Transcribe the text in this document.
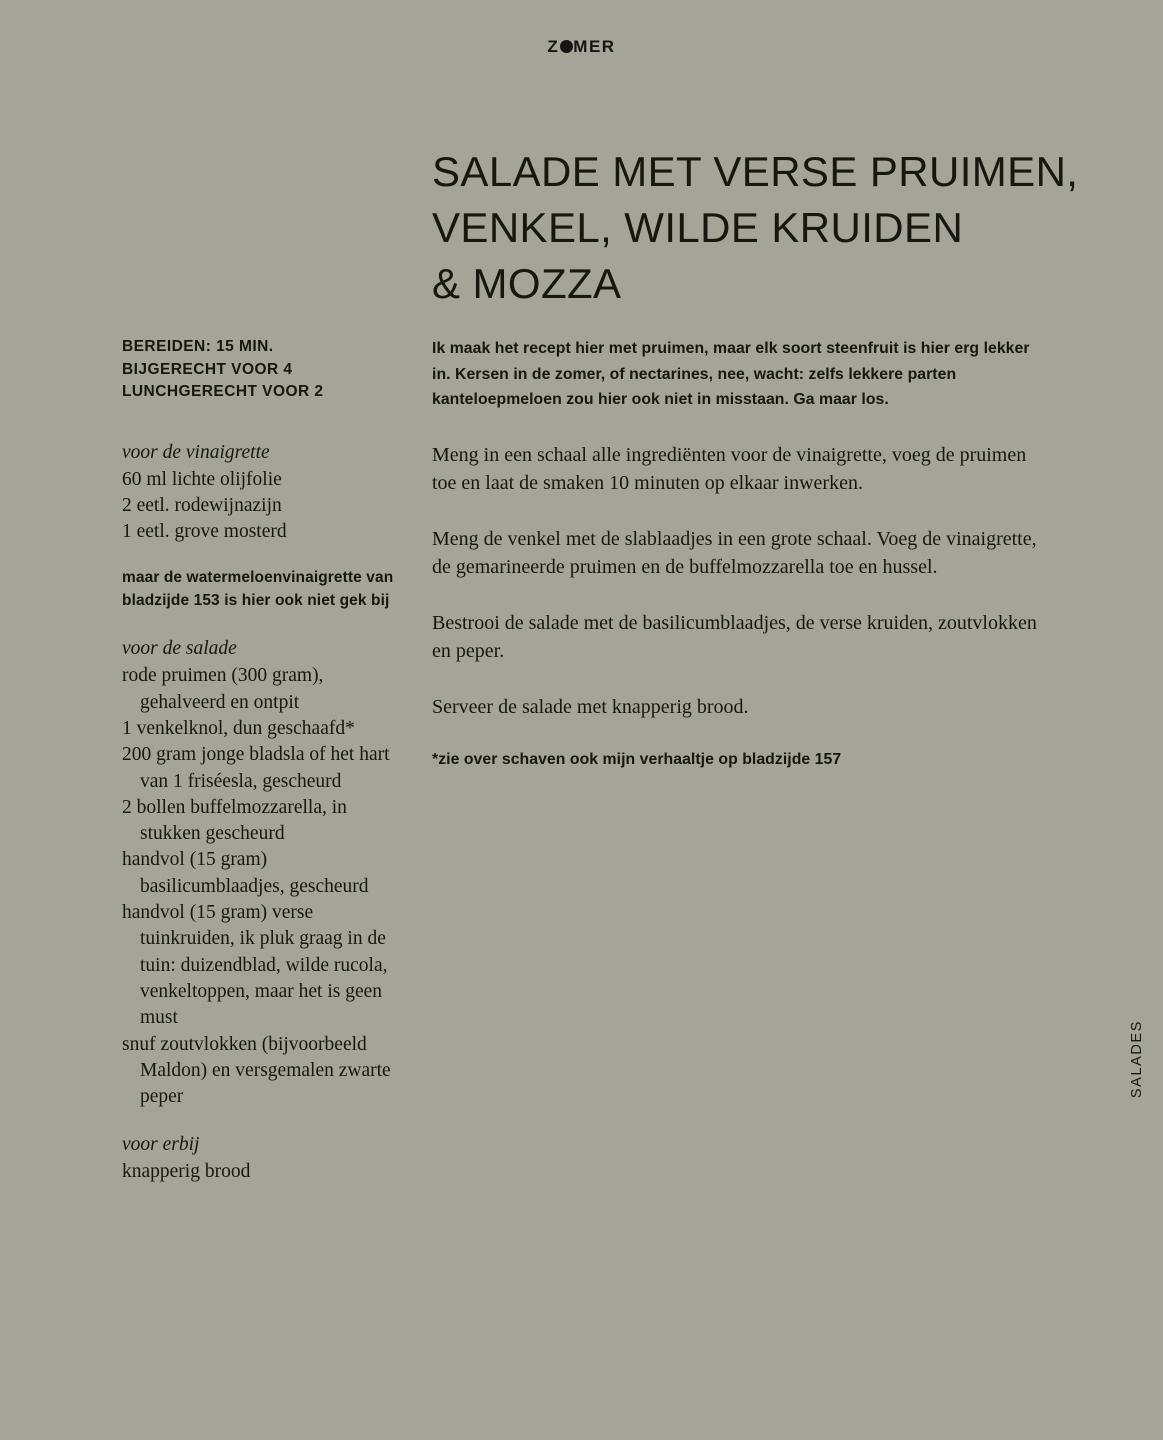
Z MER
SALADE MET VERSE PRUIMEN,
VENKEL, WILDE KRUIDEN
& MOZZA
BEREIDEN: 15 MIN.
BIJGERECHT VOOR 4
LUNCHGERECHT VOOR 2
voor de vinaigrette
60 ml lichte olijfolie
2 eetl. rodewijnazijn
1 eetl. grove mosterd
maar de watermeloenvinaigrette van bladzijde 153 is hier ook niet gek bij
voor de salade
rode pruimen (300 gram), gehalveerd en ontpit
1 venkelknol, dun geschaafd*
200 gram jonge bladsla of het hart van 1 friséesla, gescheurd
2 bollen buffelmozzarella, in stukken gescheurd
handvol (15 gram) basilicumblaadjes, gescheurd
handvol (15 gram) verse tuinkruiden, ik pluk graag in de tuin: duizendblad, wilde rucola, venkeltoppen, maar het is geen must
snuf zoutvlokken (bijvoorbeeld Maldon) en versgemalen zwarte peper
voor erbij
knapperig brood

Ik maak het recept hier met pruimen, maar elk soort steenfruit is hier erg lekker in. Kersen in de zomer, of nectarines, nee, wacht: zelfs lekkere parten kanteloepmeloen zou hier ook niet in misstaan. Ga maar los.

Meng in een schaal alle ingrediënten voor de vinaigrette, voeg de pruimen toe en laat de smaken 10 minuten op elkaar inwerken.

Meng de venkel met de slablaadjes in een grote schaal. Voeg de vinaigrette, de gemarineerde pruimen en de buffelmozzarella toe en hussel.

Bestrooi de salade met de basilicumblaadjes, de verse kruiden, zoutvlokken en peper.

Serveer de salade met knapperig brood.

*zie over schaven ook mijn verhaaltje op bladzijde 157

SALADES
